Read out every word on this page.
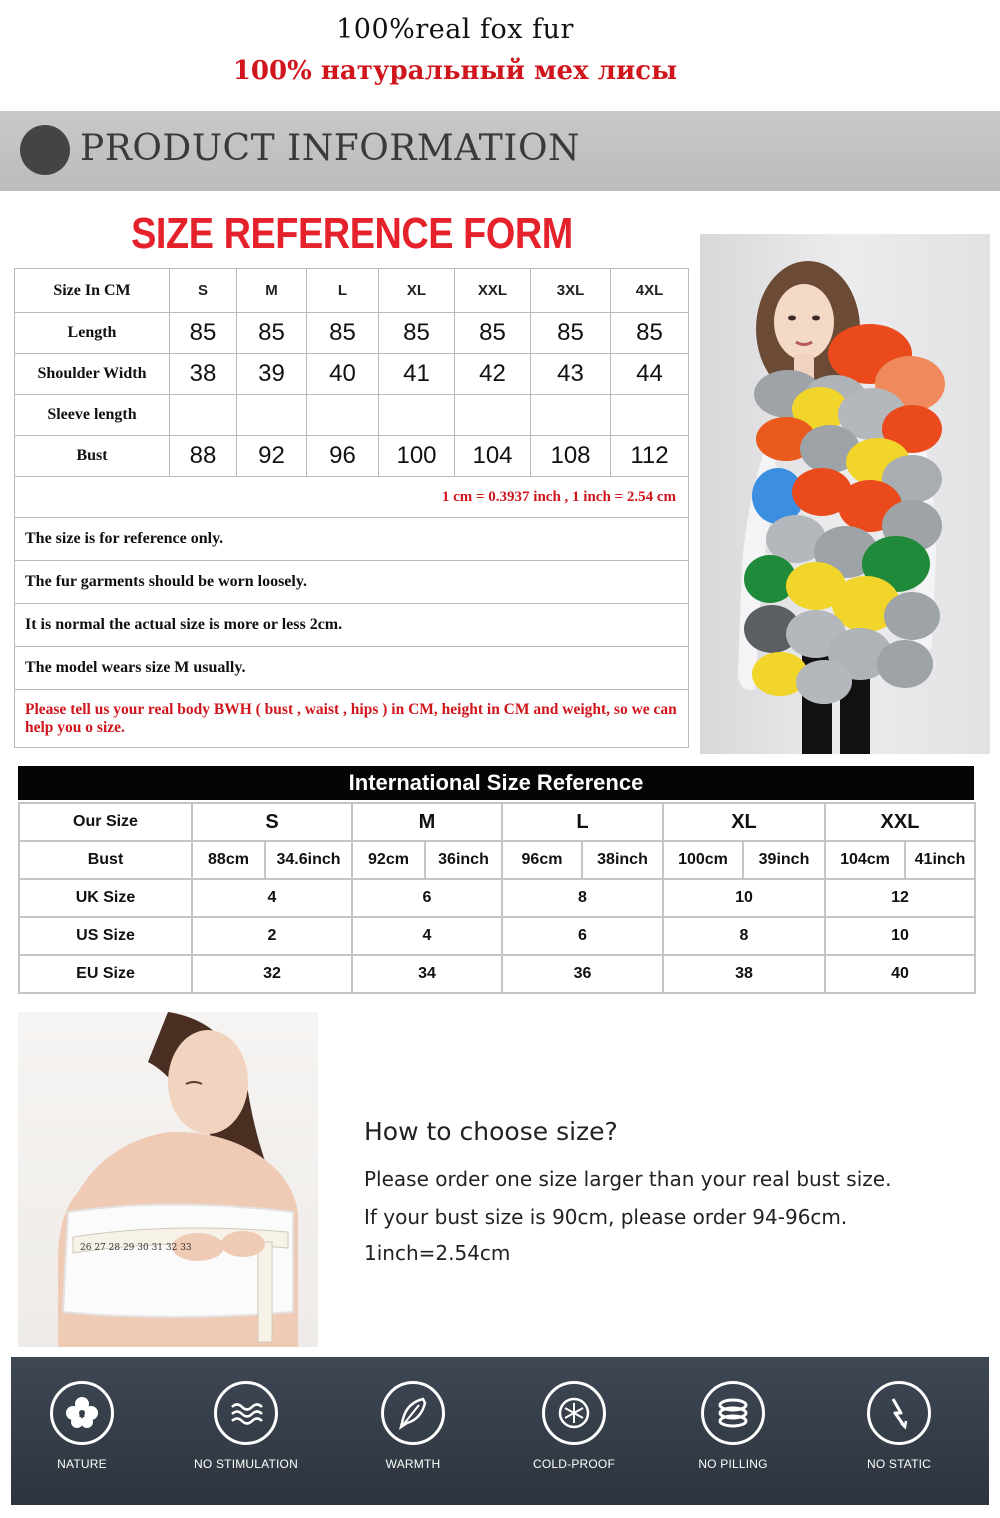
100%real fox fur
100% натуральный мех лисы
PRODUCT INFORMATION
SIZE REFERENCE FORM
Size In CM	S	M	L	XL	XXL	3XL	4XL
Length	85	85	85	85	85	85	85
Shoulder Width	38	39	40	41	42	43	44
Sleeve length							
Bust	88	92	96	100	104	108	112
1 cm = 0.3937 inch , 1 inch = 2.54 cm							
The size is for reference only.							
The fur garments should be worn loosely.							
It is normal the actual size is more or less 2cm.							
The model wears size M usually.							
Please tell us your real body BWH ( bust , waist , hips ) in CM, height in CM and weight, so we can help you o size.							
International Size Reference
Our Size	S		M		L		XL		XXL	
Bust	88cm	34.6inch	92cm	36inch	96cm	38inch	100cm	39inch	104cm	41inch
UK Size	4		6		8		10		12	
US Size	2		4		6		8		10	
EU Size	32		34		36		38		40	
26 27 28 29 30 31 32 33
How to choose size?
Please order one size larger than your real bust size.
If your bust size is 90cm, please order 94-96cm.
1inch=2.54cm
NATURE	NO STIMULATION	WARMTH	COLD-PROOF	NO PILLING	NO STATIC
